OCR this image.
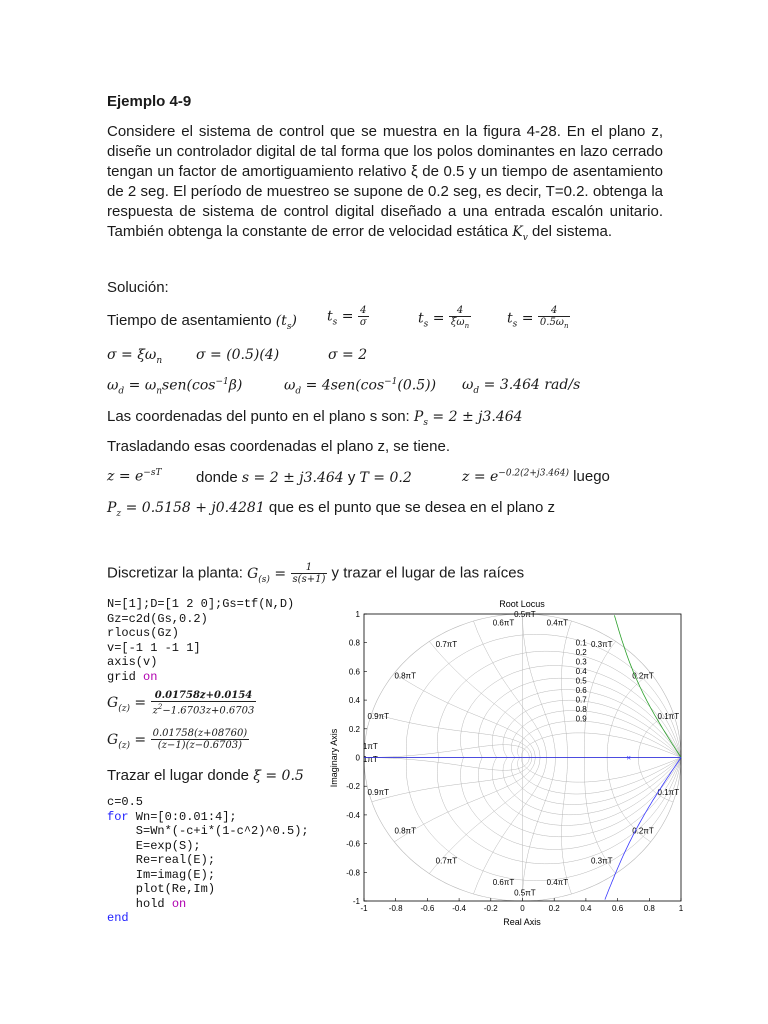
Ejemplo 4-9
Considere el sistema de control que se muestra en la figura 4-28. En el plano z, diseñe un controlador digital de tal forma que los polos dominantes en lazo cerrado tengan un factor de amortiguamiento relativo ξ de 0.5 y un tiempo de asentamiento de 2 seg. El período de muestreo se supone de 0.2 seg, es decir, T=0.2. obtenga la respuesta de sistema de control digital diseñado a una entrada escalón unitario. También obtenga la constante de error de velocidad estática $K_v$ del sistema.
Solución:
Tiempo de asentamiento $(t_s) t_s = \frac{4}{\sigma}$	$t_s = \frac{4}{\xi\omega_n}$	$t_s = \frac{4}{0.5\omega_n}$
$\sigma = \xi\omega_n$ σ = (0.5)(4)	σ = 2
$\omega_d = \omega_nsen(\cos^{-1}\beta)$	$\omega_d = 4sen(\cos^{-1}(0.5)) \omega_d = 3.464$ rad/s
Las coordenadas del punto en el plano s son: $P_s = 2 \pm j3.464$
Trasladando esas coordenadas el plano z, se tiene.
$z = e^{-sT}$ donde s = 2 ± j3.464 y T = 0.2	$z = e^{-0.2(2+j3.464)}$ luego
$P_z = 0.5158 + j0.4281$ que es el punto que se desea en el plano z
Discretizar la planta: $G_{(s)} = \frac{1}{s(s+1)}$ y trazar el lugar de las raíces
N=[1];D=[1 2 0];Gs=tf(N,D)
Gz=c2d(Gs,0.2)
rlocus(Gz)
v=[-1 1 -1 1]
axis(v)
grid on
$G_{(z)} = \frac{0.01758z+0.0154}{z^2-1.6703z+0.6703}$
$G_{(z)} = \frac{0.01758(z+08760)}{(z-1)(z-0.6703)}$
Trazar el lugar donde ξ = 0.5
c=0.5
for Wn=[0:0.01:4];
S=Wn*(-c+i*(1-c^2)^0.5);
E=exp(S);
Re=real(E);
Im=imag(E);
plot(Re,Im)
hold on
end
Root Locus
Real Axis
Imaginary Axis
-1	-0.8 -0.6 -0.4 -0.2	0	0.2	0.4	0.6	0.8	1
1
0.8
0.6
0.4
0.2
0
-0.2
-0.4
-0.6
-0.8
-1
0.5πT
0.6πT	0.4πT
0.7πT	0.3πT
0.8πT	0.2πT
0.9πT	0.1πT
1πT
1πT
0.9πT	0.1πT
0.8πT	0.2πT
0.7πT	0.3πT
0.6πT	0.4πT
0.5πT
0.1
0.2
0.3
0.4
0.5
0.6
0.7
0.8
0.9
×
